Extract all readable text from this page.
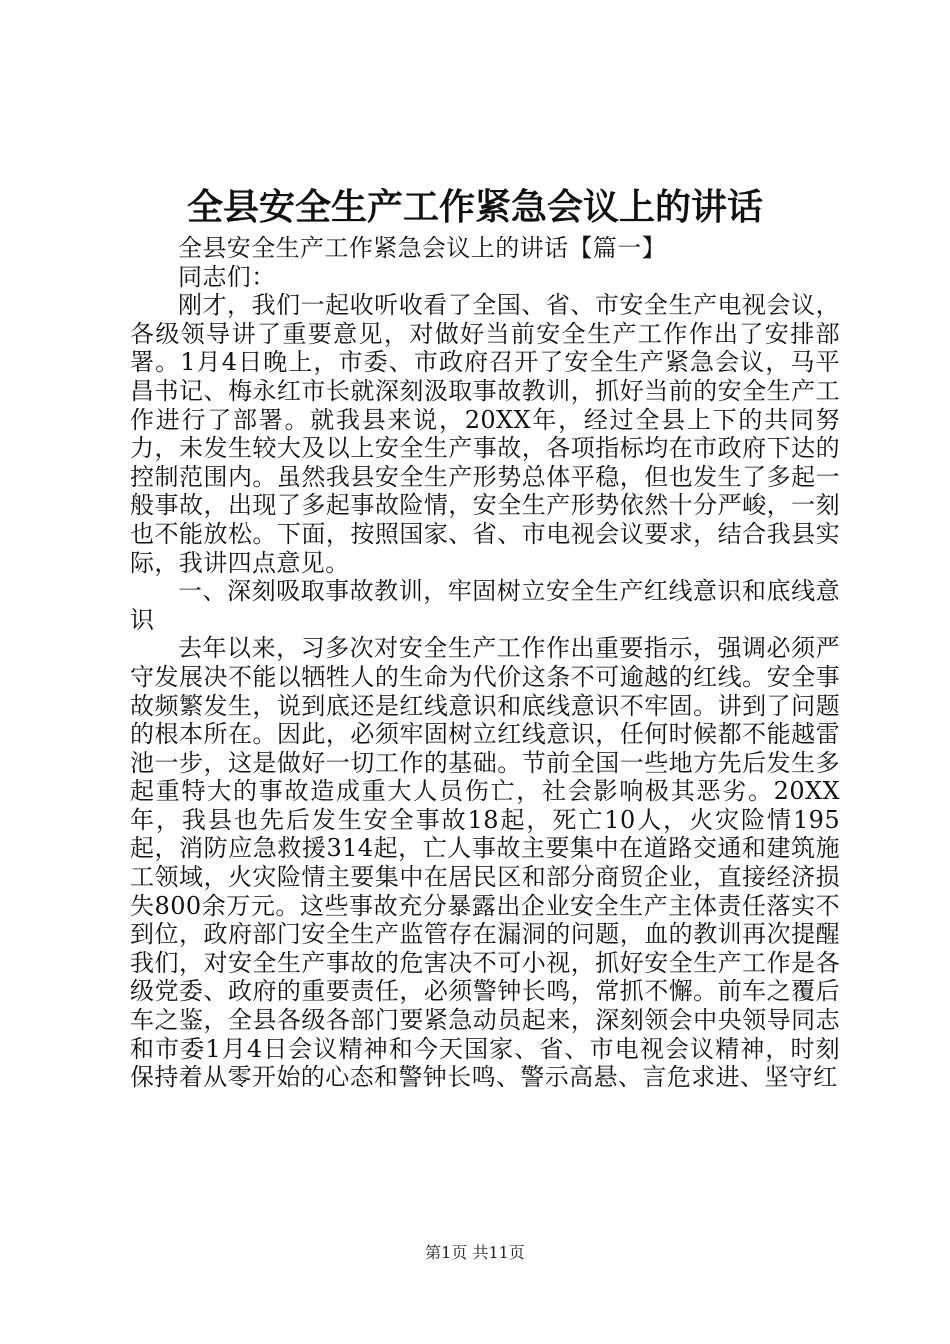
全县安全生产工作紧急会议上的讲话

全县安全生产工作紧急会议上的讲话【篇一】

同志们：

刚才，我们一起收听收看了全国、省、市安全生产电视会议，各级领导讲了重要意见，对做好当前安全生产工作作出了安排部署。1月4日晚上，市委、市政府召开了安全生产紧急会议，马平昌书记、梅永红市长就深刻汲取事故教训，抓好当前的安全生产工作进行了部署。就我县来说，20XX年，经过全县上下的共同努力，未发生较大及以上安全生产事故，各项指标均在市政府下达的控制范围内。虽然我县安全生产形势总体平稳，但也发生了多起一般事故，出现了多起事故险情，安全生产形势依然十分严峻，一刻也不能放松。下面，按照国家、省、市电视会议要求，结合我县实际，我讲四点意见。

一、深刻吸取事故教训，牢固树立安全生产红线意识和底线意识

去年以来，习多次对安全生产工作作出重要指示，强调必须严守发展决不能以牺牲人的生命为代价这条不可逾越的红线。安全事故频繁发生，说到底还是红线意识和底线意识不牢固。讲到了问题的根本所在。因此，必须牢固树立红线意识，任何时候都不能越雷池一步，这是做好一切工作的基础。节前全国一些地方先后发生多起重特大的事故造成重大人员伤亡，社会影响极其恶劣。20XX年，我县也先后发生安全事故18起，死亡10人，火灾险情195起，消防应急救援314起，亡人事故主要集中在道路交通和建筑施工领域，火灾险情主要集中在居民区和部分商贸企业，直接经济损失800余万元。这些事故充分暴露出企业安全生产主体责任落实不到位，政府部门安全生产监管存在漏洞的问题，血的教训再次提醒我们，对安全生产事故的危害决不可小视，抓好安全生产工作是各级党委、政府的重要责任，必须警钟长鸣，常抓不懈。前车之覆后车之鉴，全县各级各部门要紧急动员起来，深刻领会中央领导同志和市委1月4日会议精神和今天国家、省、市电视会议精神，时刻保持着从零开始的心态和警钟长鸣、警示高悬、言危求进、坚守红

第1页 共11页
